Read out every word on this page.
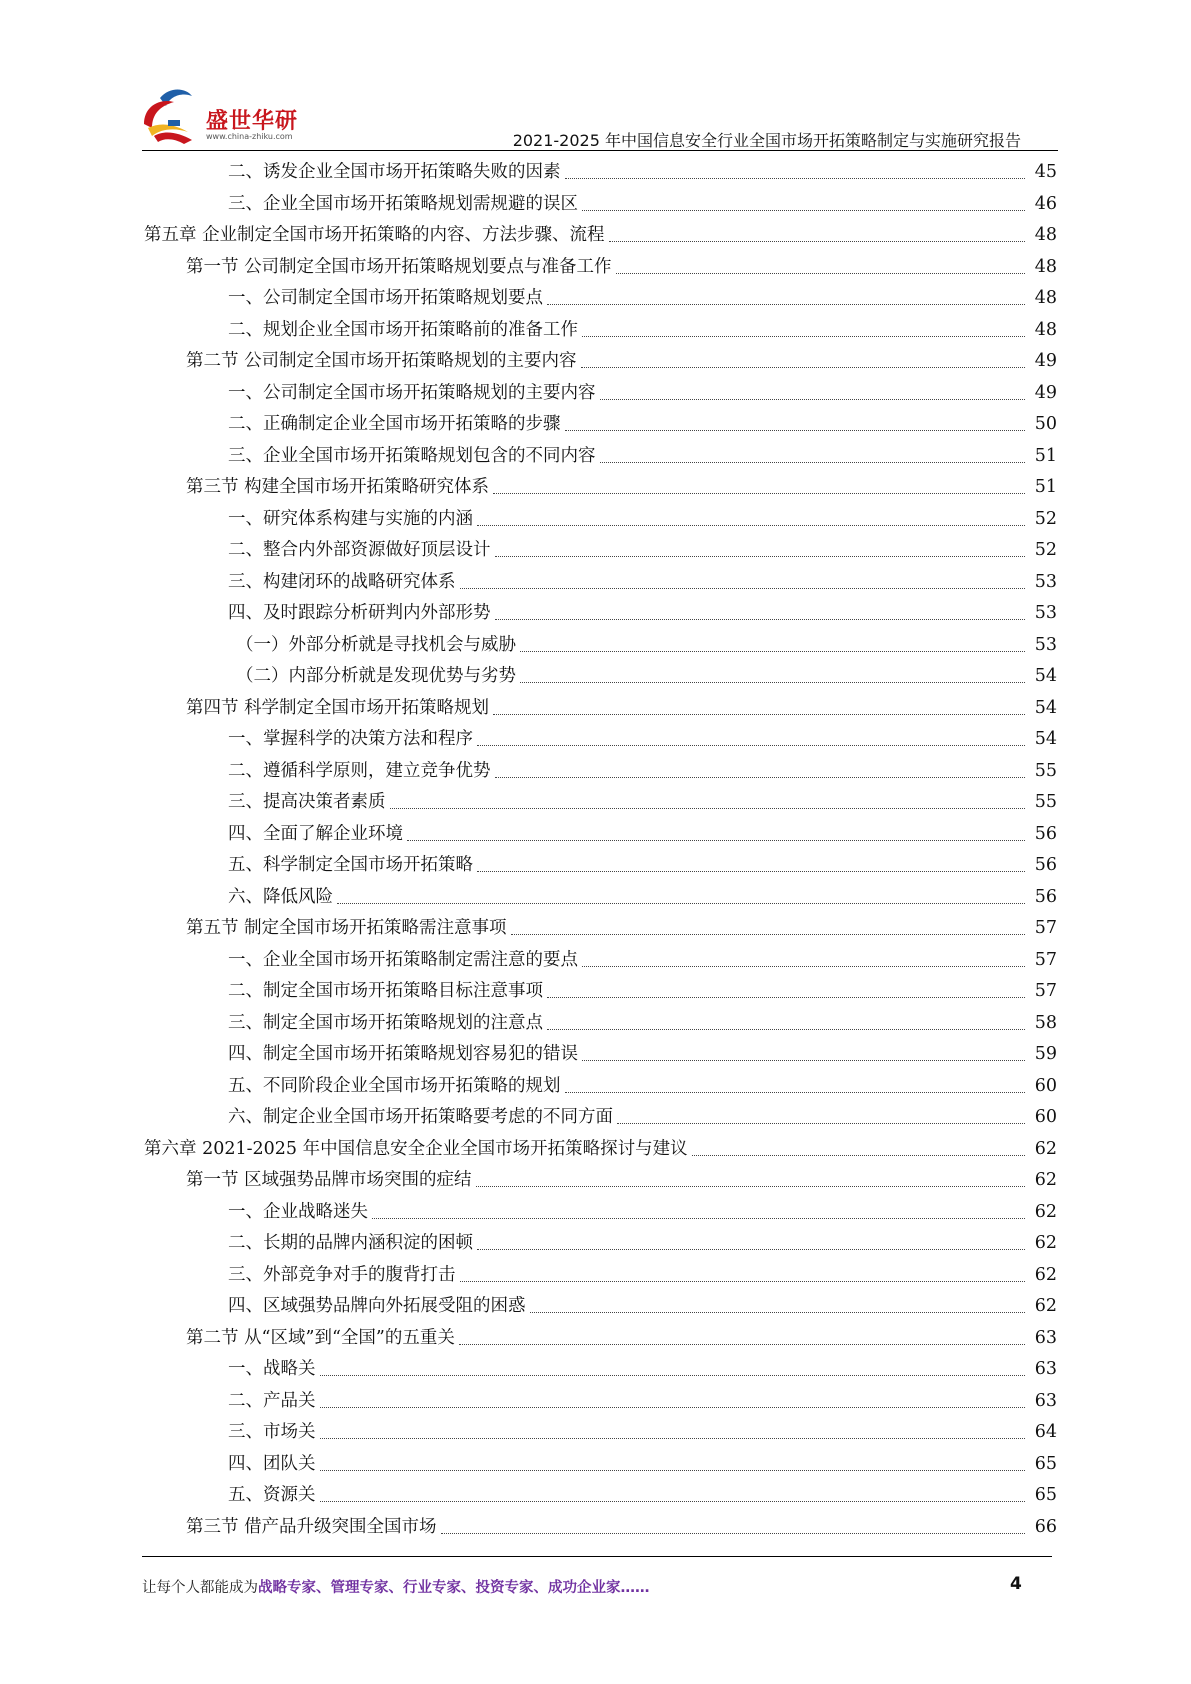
盛世华研
www.china-zhiku.com	2021-2025 年中国信息安全行业全国市场开拓策略制定与实施研究报告
二、诱发企业全国市场开拓策略失败的因素	45
三、企业全国市场开拓策略规划需规避的误区	46
第五章 企业制定全国市场开拓策略的内容、方法步骤、流程	48
第一节 公司制定全国市场开拓策略规划要点与准备工作	48
一、公司制定全国市场开拓策略规划要点	48
二、规划企业全国市场开拓策略前的准备工作	48
第二节 公司制定全国市场开拓策略规划的主要内容	49
一、公司制定全国市场开拓策略规划的主要内容	49
二、正确制定企业全国市场开拓策略的步骤	50
三、企业全国市场开拓策略规划包含的不同内容	51
第三节 构建全国市场开拓策略研究体系	51
一、研究体系构建与实施的内涵	52
二、整合内外部资源做好顶层设计	52
三、构建闭环的战略研究体系	53
四、及时跟踪分析研判内外部形势	53
（一）外部分析就是寻找机会与威胁	53
（二）内部分析就是发现优势与劣势	54
第四节 科学制定全国市场开拓策略规划	54
一、掌握科学的决策方法和程序	54
二、遵循科学原则，建立竞争优势	55
三、提高决策者素质	55
四、全面了解企业环境	56
五、科学制定全国市场开拓策略	56
六、降低风险	56
第五节 制定全国市场开拓策略需注意事项	57
一、企业全国市场开拓策略制定需注意的要点	57
二、制定全国市场开拓策略目标注意事项	57
三、制定全国市场开拓策略规划的注意点	58
四、制定全国市场开拓策略规划容易犯的错误	59
五、不同阶段企业全国市场开拓策略的规划	60
六、制定企业全国市场开拓策略要考虑的不同方面	60
第六章 2021-2025 年中国信息安全企业全国市场开拓策略探讨与建议	62
第一节 区域强势品牌市场突围的症结	62
一、企业战略迷失	62
二、长期的品牌内涵积淀的困顿	62
三、外部竞争对手的腹背打击	62
四、区域强势品牌向外拓展受阻的困惑	62
第二节 从“区域”到“全国”的五重关	63
一、战略关	63
二、产品关	63
三、市场关	64
四、团队关	65
五、资源关	65
第三节 借产品升级突围全国市场	66
让每个人都能成为战略专家、管理专家、行业专家、投资专家、成功企业家……	4
